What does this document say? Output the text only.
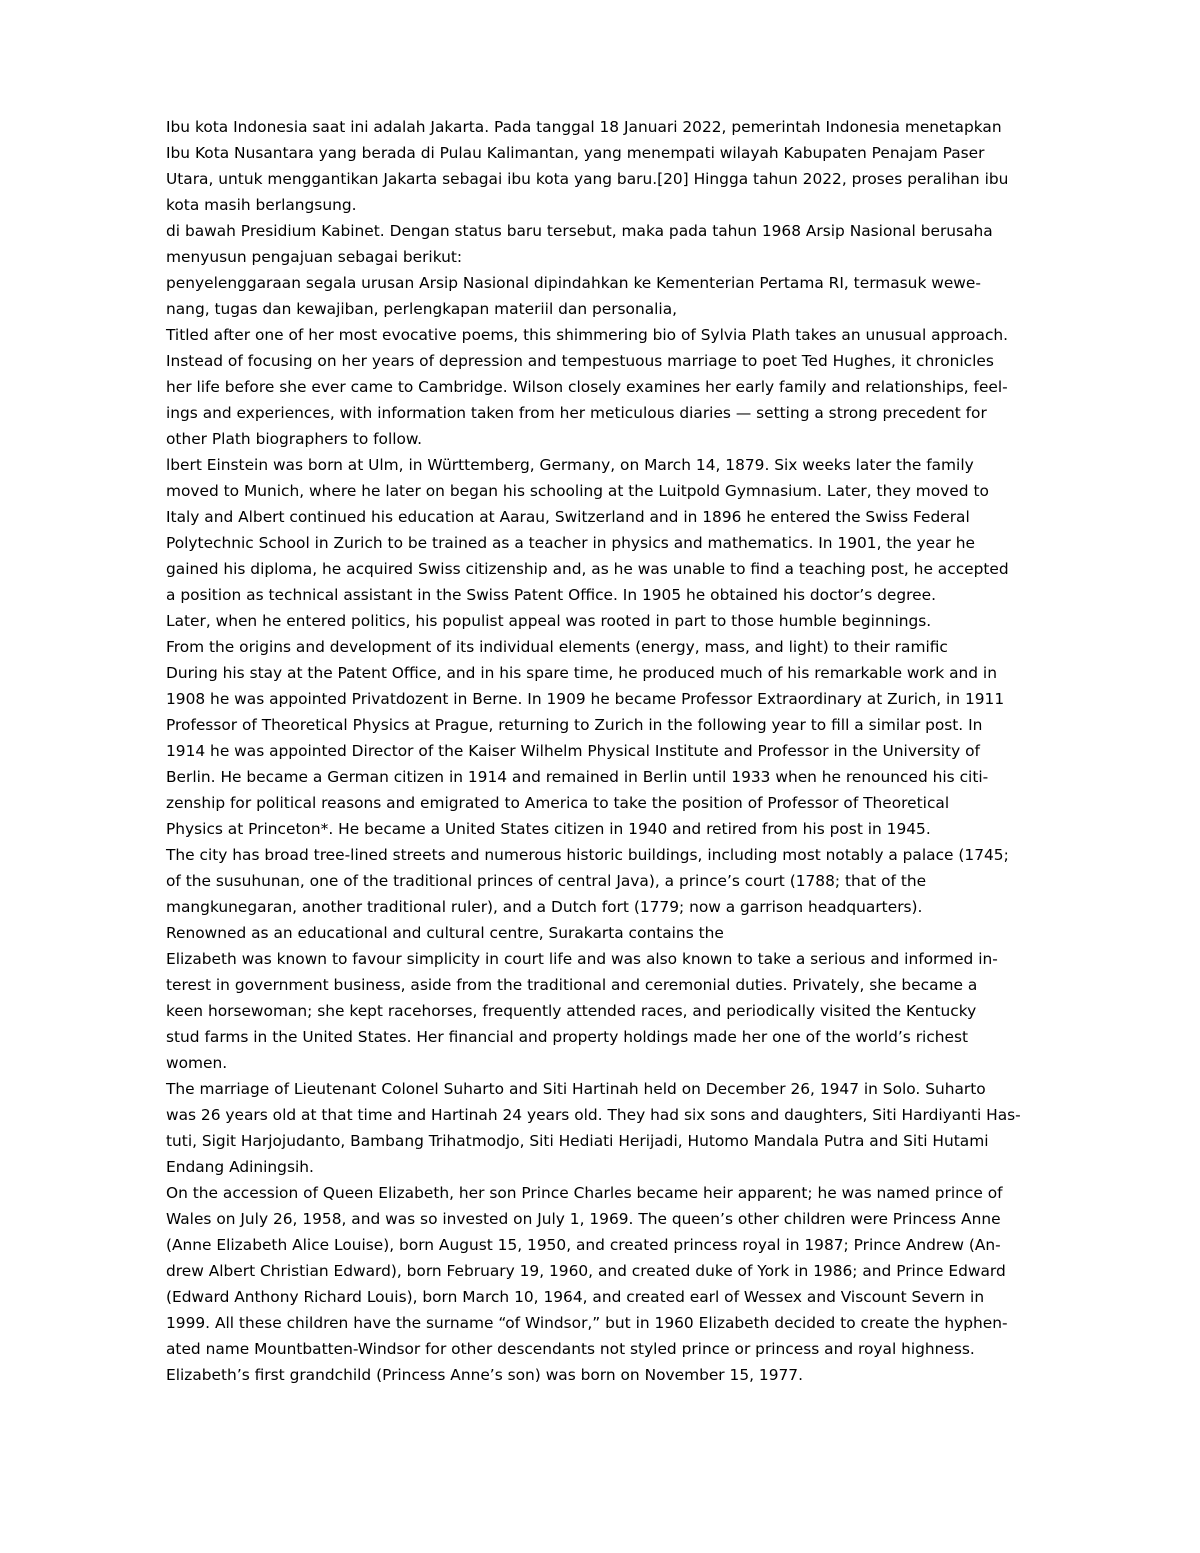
Ibu kota Indonesia saat ini adalah Jakarta. Pada tanggal 18 Januari 2022, pemerintah Indonesia menetapkan
Ibu Kota Nusantara yang berada di Pulau Kalimantan, yang menempati wilayah Kabupaten Penajam Paser
Utara, untuk menggantikan Jakarta sebagai ibu kota yang baru.[20] Hingga tahun 2022, proses peralihan ibu
kota masih berlangsung.
di bawah Presidium Kabinet. Dengan status baru tersebut, maka pada tahun 1968 Arsip Nasional berusaha
menyusun pengajuan sebagai berikut:
penyelenggaraan segala urusan Arsip Nasional dipindahkan ke Kementerian Pertama RI, termasuk wewe-
nang, tugas dan kewajiban, perlengkapan materiil dan personalia,
Titled after one of her most evocative poems, this shimmering bio of Sylvia Plath takes an unusual approach.
Instead of focusing on her years of depression and tempestuous marriage to poet Ted Hughes, it chronicles
her life before she ever came to Cambridge. Wilson closely examines her early family and relationships, feel-
ings and experiences, with information taken from her meticulous diaries — setting a strong precedent for
other Plath biographers to follow.
lbert Einstein was born at Ulm, in Württemberg, Germany, on March 14, 1879. Six weeks later the family
moved to Munich, where he later on began his schooling at the Luitpold Gymnasium. Later, they moved to
Italy and Albert continued his education at Aarau, Switzerland and in 1896 he entered the Swiss Federal
Polytechnic School in Zurich to be trained as a teacher in physics and mathematics. In 1901, the year he
gained his diploma, he acquired Swiss citizenship and, as he was unable to find a teaching post, he accepted
a position as technical assistant in the Swiss Patent Office. In 1905 he obtained his doctor’s degree.
Later, when he entered politics, his populist appeal was rooted in part to those humble beginnings.
From the origins and development of its individual elements (energy, mass, and light) to their ramific
During his stay at the Patent Office, and in his spare time, he produced much of his remarkable work and in
1908 he was appointed Privatdozent in Berne. In 1909 he became Professor Extraordinary at Zurich, in 1911
Professor of Theoretical Physics at Prague, returning to Zurich in the following year to fill a similar post. In
1914 he was appointed Director of the Kaiser Wilhelm Physical Institute and Professor in the University of
Berlin. He became a German citizen in 1914 and remained in Berlin until 1933 when he renounced his citi-
zenship for political reasons and emigrated to America to take the position of Professor of Theoretical
Physics at Princeton*. He became a United States citizen in 1940 and retired from his post in 1945.
The city has broad tree-lined streets and numerous historic buildings, including most notably a palace (1745;
of the susuhunan, one of the traditional princes of central Java), a prince’s court (1788; that of the
mangkunegaran, another traditional ruler), and a Dutch fort (1779; now a garrison headquarters).
Renowned as an educational and cultural centre, Surakarta contains the
Elizabeth was known to favour simplicity in court life and was also known to take a serious and informed in-
terest in government business, aside from the traditional and ceremonial duties. Privately, she became a
keen horsewoman; she kept racehorses, frequently attended races, and periodically visited the Kentucky
stud farms in the United States. Her financial and property holdings made her one of the world’s richest
women.
The marriage of Lieutenant Colonel Suharto and Siti Hartinah held on December 26, 1947 in Solo. Suharto
was 26 years old at that time and Hartinah 24 years old. They had six sons and daughters, Siti Hardiyanti Has-
tuti, Sigit Harjojudanto, Bambang Trihatmodjo, Siti Hediati Herijadi, Hutomo Mandala Putra and Siti Hutami
Endang Adiningsih.
On the accession of Queen Elizabeth, her son Prince Charles became heir apparent; he was named prince of
Wales on July 26, 1958, and was so invested on July 1, 1969. The queen’s other children were Princess Anne
(Anne Elizabeth Alice Louise), born August 15, 1950, and created princess royal in 1987; Prince Andrew (An-
drew Albert Christian Edward), born February 19, 1960, and created duke of York in 1986; and Prince Edward
(Edward Anthony Richard Louis), born March 10, 1964, and created earl of Wessex and Viscount Severn in
1999. All these children have the surname “of Windsor,” but in 1960 Elizabeth decided to create the hyphen-
ated name Mountbatten-Windsor for other descendants not styled prince or princess and royal highness.
Elizabeth’s first grandchild (Princess Anne’s son) was born on November 15, 1977.
